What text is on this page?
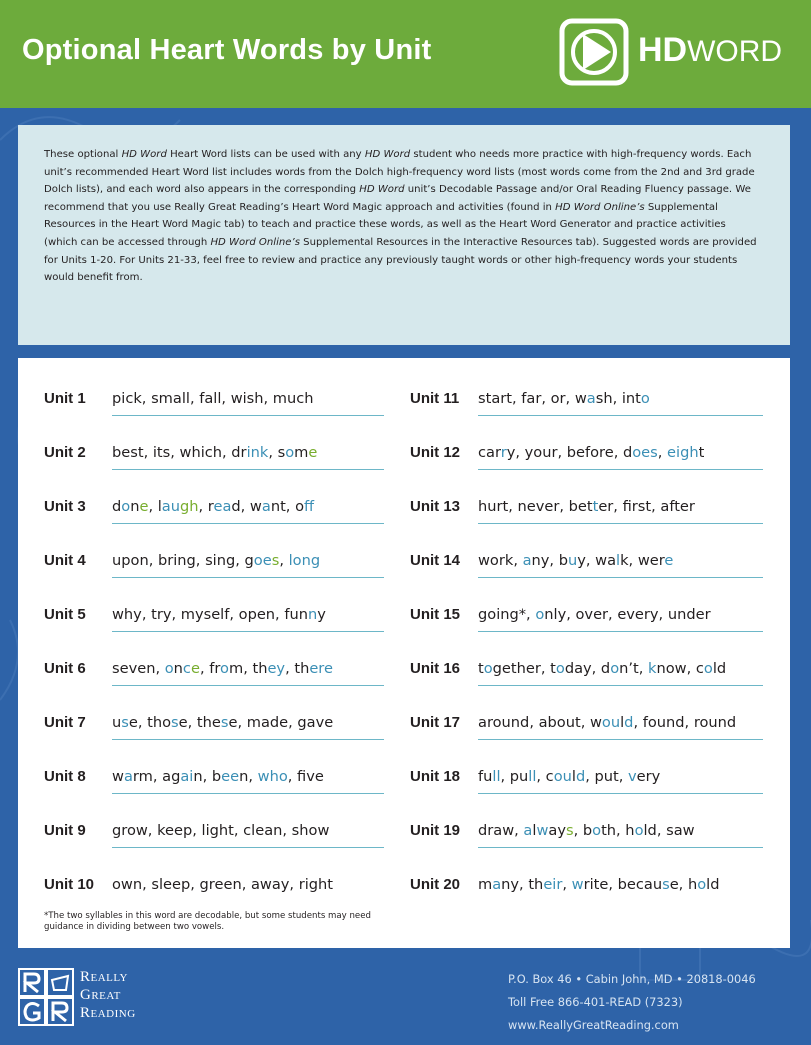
Optional Heart Words by Unit	HDWORD

These optional HD Word Heart Word lists can be used with any HD Word student who needs more practice with high-frequency words. Each unit’s recommended Heart Word list includes words from the Dolch high-frequency word lists (most words come from the 2nd and 3rd grade Dolch lists), and each word also appears in the corresponding HD Word unit’s Decodable Passage and/or Oral Reading Fluency passage. We recommend that you use Really Great Reading’s Heart Word Magic approach and activities (found in HD Word Online’s Supplemental Resources in the Heart Word Magic tab) to teach and practice these words, as well as the Heart Word Generator and practice activities (which can be accessed through HD Word Online’s Supplemental Resources in the Interactive Resources tab). Suggested words are provided for Units 1-20. For Units 21-33, feel free to review and practice any previously taught words or other high-frequency words your students would benefit from.

Unit 1	pick, small, fall, wish, much
Unit 2	best, its, which, drink, some
Unit 3	done, laugh, read, want, off
Unit 4	upon, bring, sing, goes, long
Unit 5	why, try, myself, open, funny
Unit 6	seven, once, from, they, there
Unit 7	use, those, these, made, gave
Unit 8	warm, again, been, who, five
Unit 9	grow, keep, light, clean, show
Unit 10	own, sleep, green, away, right
Unit 11	start, far, or, wash, into
Unit 12	carry, your, before, does, eight
Unit 13	hurt, never, better, first, after
Unit 14	work, any, buy, walk, were
Unit 15	going*, only, over, every, under
Unit 16	together, today, don’t, know, cold
Unit 17	around, about, would, found, round
Unit 18	full, pull, could, put, very
Unit 19	draw, always, both, hold, saw
Unit 20	many, their, write, because, hold
*The two syllables in this word are decodable, but some students may need guidance in dividing between two vowels.
Really
Great
Reading
P.O. Box 46 • Cabin John, MD • 20818-0046
Toll Free 866-401-READ (7323)
www.ReallyGreatReading.com
